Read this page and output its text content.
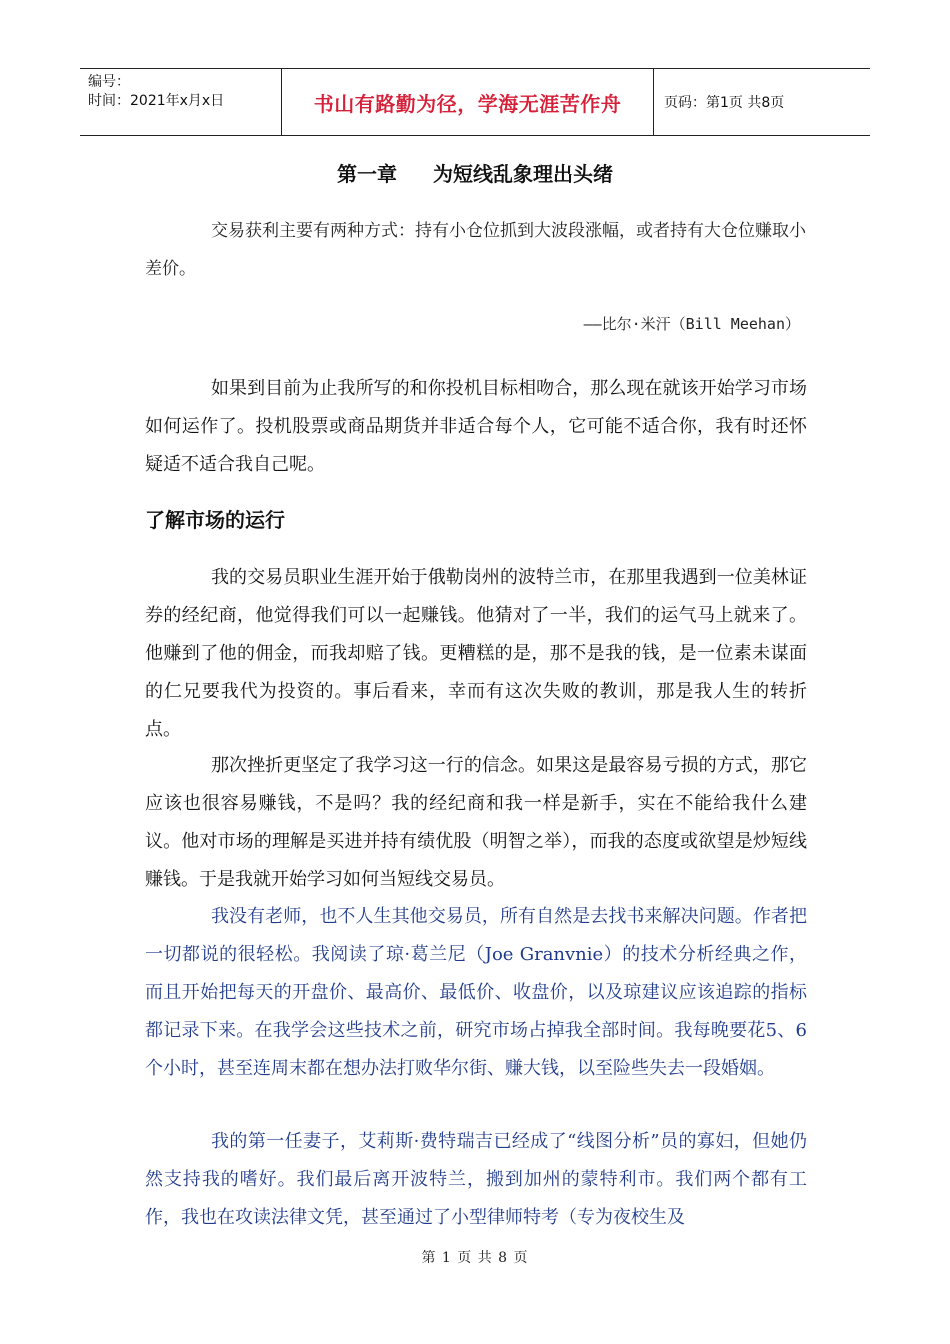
编号：
时间：2021年x月x日	书山有路勤为径，学海无涯苦作舟	页码：第1页 共8页
第一章 为短线乱象理出头绪
交易获利主要有两种方式：持有小仓位抓到大波段涨幅，或者持有大仓位赚取小差价。
——比尔·米汗（Bill Meehan）
如果到目前为止我所写的和你投机目标相吻合，那么现在就该开始学习市场如何运作了。投机股票或商品期货并非适合每个人，它可能不适合你，我有时还怀疑适不适合我自己呢。
了解市场的运行
我的交易员职业生涯开始于俄勒岗州的波特兰市，在那里我遇到一位美林证券的经纪商，他觉得我们可以一起赚钱。他猜对了一半，我们的运气马上就来了。他赚到了他的佣金，而我却赔了钱。更糟糕的是，那不是我的钱，是一位素未谋面的仁兄要我代为投资的。事后看来，幸而有这次失败的教训，那是我人生的转折点。
那次挫折更坚定了我学习这一行的信念。如果这是最容易亏损的方式，那它应该也很容易赚钱，不是吗？我的经纪商和我一样是新手，实在不能给我什么建议。他对市场的理解是买进并持有绩优股（明智之举），而我的态度或欲望是炒短线赚钱。于是我就开始学习如何当短线交易员。
我没有老师，也不人生其他交易员，所有自然是去找书来解决问题。作者把一切都说的很轻松。我阅读了琼·葛兰尼（Joe Granvnie）的技术分析经典之作，而且开始把每天的开盘价、最高价、最低价、收盘价，以及琼建议应该追踪的指标都记录下来。在我学会这些技术之前，研究市场占掉我全部时间。我每晚要花5、6个小时，甚至连周末都在想办法打败华尔街、赚大钱，以至险些失去一段婚姻。
我的第一任妻子，艾莉斯·费特瑞吉已经成了“线图分析”员的寡妇，但她仍然支持我的嗜好。我们最后离开波特兰，搬到加州的蒙特利市。我们两个都有工作，我也在攻读法律文凭，甚至通过了小型律师特考（专为夜校生及
第 1 页 共 8 页
